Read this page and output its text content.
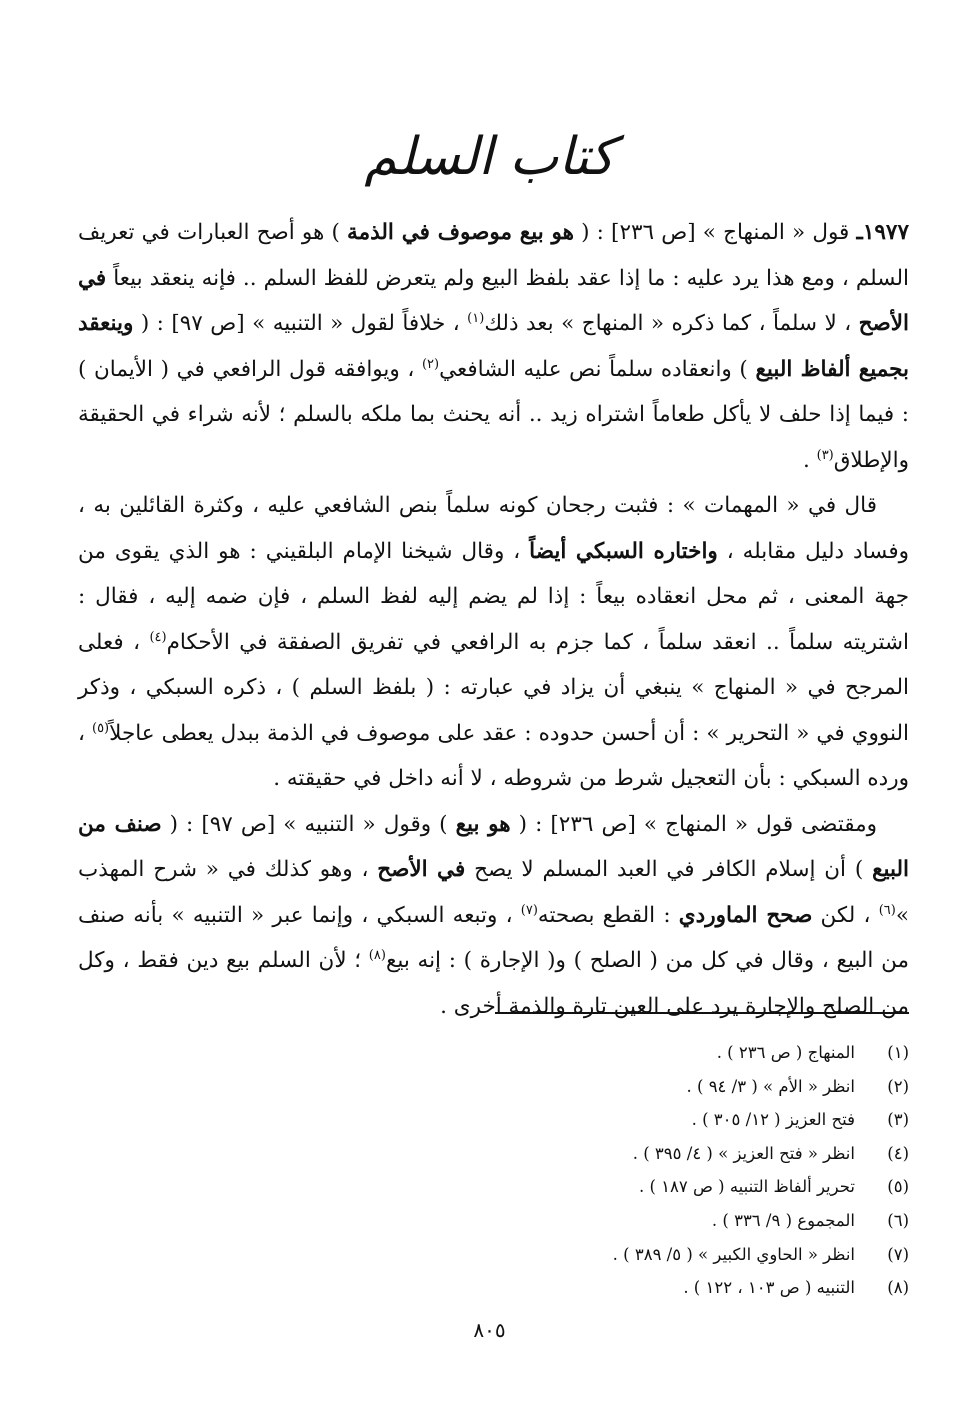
كتاب السلم

١٩٧٧ـ قول « المنهاج » [ص ٢٣٦] : ( هو بيع موصوف في الذمة ) هو أصح العبارات في تعريف السلم ، ومع هذا يرد عليه : ما إذا عقد بلفظ البيع ولم يتعرض للفظ السلم .. فإنه ينعقد بيعاً في الأصح ، لا سلماً ، كما ذكره « المنهاج » بعد ذلك$^{(١)}$ ، خلافاً لقول « التنبيه » [ص ٩٧] : ( وينعقد بجميع ألفاظ البيع ) وانعقاده سلماً نص عليه الشافعي$^{(٢)}$ ، ويوافقه قول الرافعي في ( الأيمان ) : فيما إذا حلف لا يأكل طعاماً اشتراه زيد .. أنه يحنث بما ملكه بالسلم ؛ لأنه شراء في الحقيقة والإطلاق$^{(٣)}$ .

قال في « المهمات » : فثبت رجحان كونه سلماً بنص الشافعي عليه ، وكثرة القائلين به ، وفساد دليل مقابله ، واختاره السبكي أيضاً ، وقال شيخنا الإمام البلقيني : هو الذي يقوى من جهة المعنى ، ثم محل انعقاده بيعاً : إذا لم يضم إليه لفظ السلم ، فإن ضمه إليه ، فقال : اشتريته سلماً .. انعقد سلماً ، كما جزم به الرافعي في تفريق الصفقة في الأحكام$^{(٤)}$ ، فعلى المرجح في « المنهاج » ينبغي أن يزاد في عبارته : ( بلفظ السلم ) ، ذكره السبكي ، وذكر النووي في « التحرير » : أن أحسن حدوده : عقد على موصوف في الذمة ببدل يعطى عاجلاً$^{(٥)}$ ، ورده السبكي : بأن التعجيل شرط من شروطه ، لا أنه داخل في حقيقته .

ومقتضى قول « المنهاج » [ص ٢٣٦] : ( هو بيع ) وقول « التنبيه » [ص ٩٧] : ( صنف من البيع ) أن إسلام الكافر في العبد المسلم لا يصح في الأصح ، وهو كذلك في « شرح المهذب »$^{(٦)}$ ، لكن صحح الماوردي : القطع بصحته$^{(٧)}$ ، وتبعه السبكي ، وإنما عبر « التنبيه » بأنه صنف من البيع ، وقال في كل من ( الصلح ) و( الإجارة ) : إنه بيع$^{(٨)}$ ؛ لأن السلم بيع دين فقط ، وكل من الصلح والإجارة يرد على العين تارة والذمة أخرى .

(١)المنهاج ( ص ٢٣٦ ) .
(٢)انظر « الأم » ( ٣/ ٩٤ ) .
(٣)فتح العزيز ( ١٢/ ٣٠٥ ) .
(٤)انظر « فتح العزيز » ( ٤/ ٣٩٥ ) .
(٥)تحرير ألفاظ التنبيه ( ص ١٨٧ ) .
(٦)المجموع ( ٩/ ٣٣٦ ) .
(٧)انظر « الحاوي الكبير » ( ٥/ ٣٨٩ ) .
(٨)التنبيه ( ص ١٠٣ ، ١٢٢ ) .
٨٠٥
